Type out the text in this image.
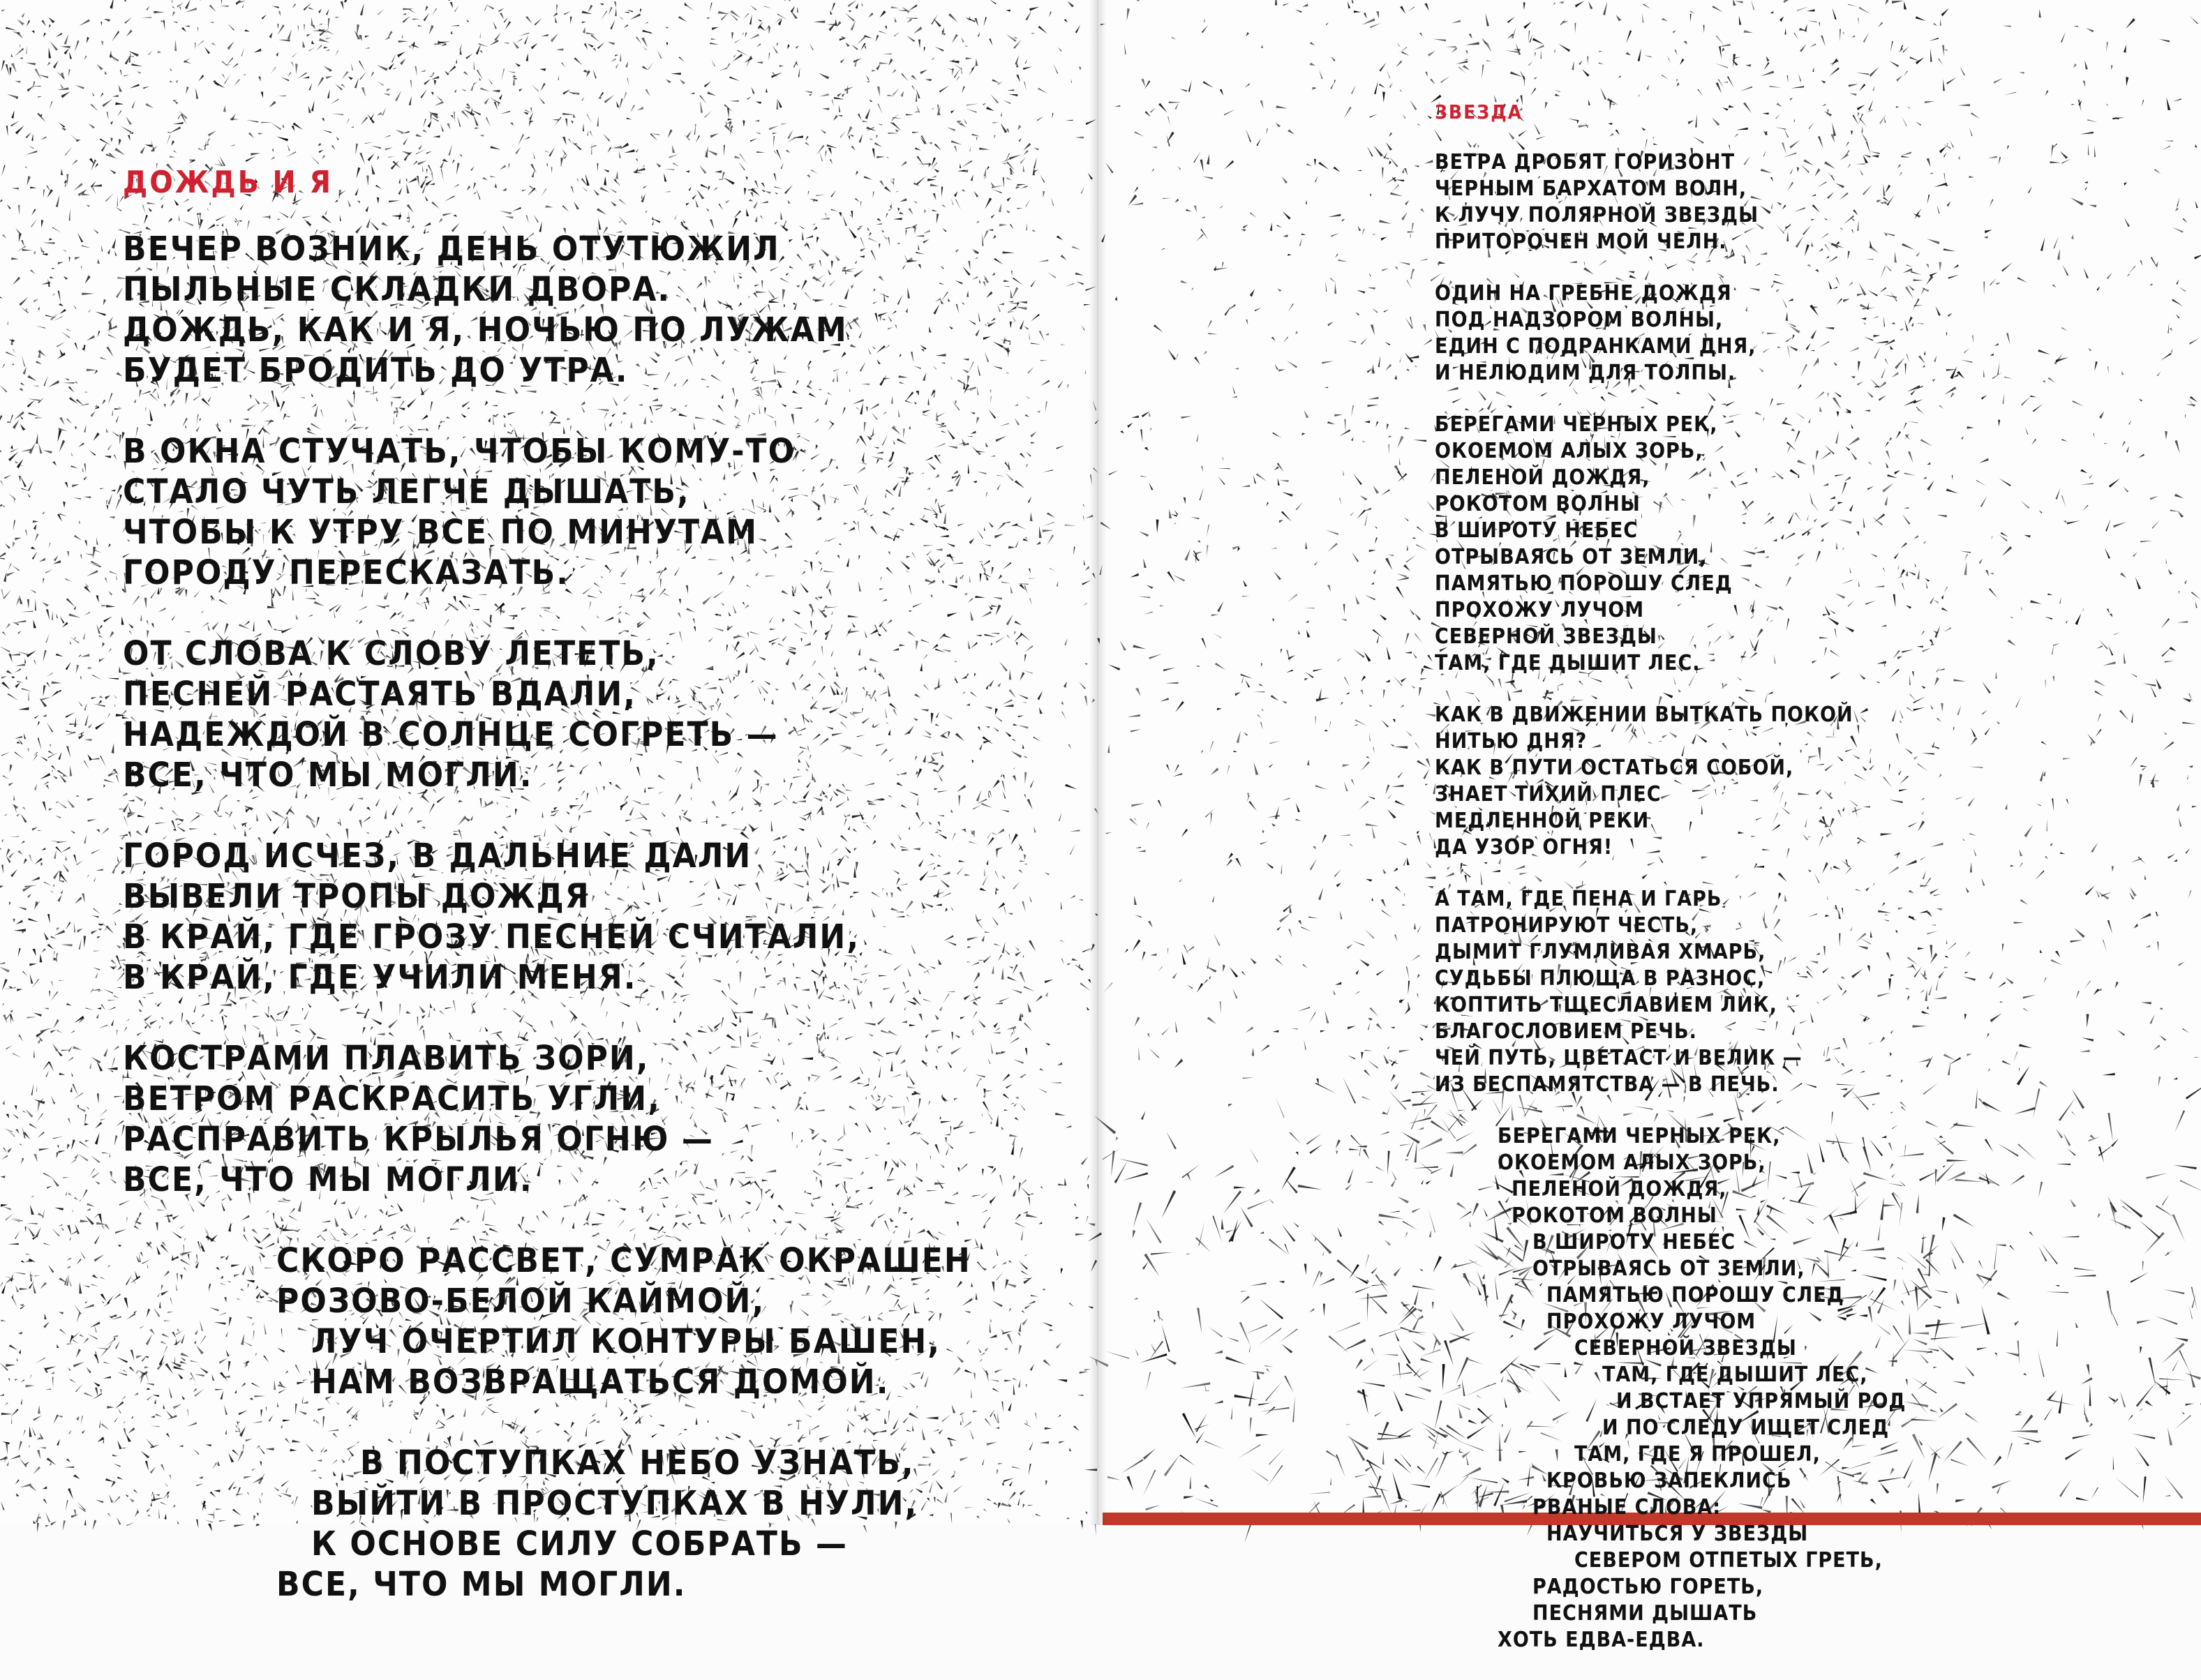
ДОЖДЬ И Я

ВЕЧЕР ВОЗНИК, ДЕНЬ ОТУТЮЖИЛ
ПЫЛЬНЫЕ СКЛАДКИ ДВОРА.
ДОЖДЬ, КАК И Я, НОЧЬЮ ПО ЛУЖАМ
БУДЕТ БРОДИТЬ ДО УТРА.
В ОКНА СТУЧАТЬ, ЧТОБЫ КОМУ-ТО
СТАЛО ЧУТЬ ЛЕГЧЕ ДЫШАТЬ,
ЧТОБЫ К УТРУ ВСЕ ПО МИНУТАМ
ГОРОДУ ПЕРЕСКАЗАТЬ.
ОТ СЛОВА К СЛОВУ ЛЕТЕТЬ,
ПЕСНЕЙ РАСТАЯТЬ ВДАЛИ,
НАДЕЖДОЙ В СОЛНЦЕ СОГРЕТЬ —
ВСЕ, ЧТО МЫ МОГЛИ.
ГОРОД ИСЧЕЗ, В ДАЛЬНИЕ ДАЛИ
ВЫВЕЛИ ТРОПЫ ДОЖДЯ
В КРАЙ, ГДЕ ГРОЗУ ПЕСНЕЙ СЧИТАЛИ,
В КРАЙ, ГДЕ УЧИЛИ МЕНЯ.
КОСТРАМИ ПЛАВИТЬ ЗОРИ,
ВЕТРОМ РАСКРАСИТЬ УГЛИ,
РАСПРАВИТЬ КРЫЛЬЯ ОГНЮ —
ВСЕ, ЧТО МЫ МОГЛИ.
СКОРО РАССВЕТ, СУМРАК ОКРАШЕН
РОЗОВО-БЕЛОЙ КАЙМОЙ,
ЛУЧ ОЧЕРТИЛ КОНТУРЫ БАШЕН,
НАМ ВОЗВРАЩАТЬСЯ ДОМОЙ.
В ПОСТУПКАХ НЕБО УЗНАТЬ,
ВЫЙТИ В ПРОСТУПКАХ В НУЛИ,
К ОСНОВЕ СИЛУ СОБРАТЬ —
ВСЕ, ЧТО МЫ МОГЛИ.

ЗВЕЗДА

ВЕТРА ДРОБЯТ ГОРИЗОНТ
ЧЕРНЫМ БАРХАТОМ ВОЛН,
К ЛУЧУ ПОЛЯРНОЙ ЗВЕЗДЫ
ПРИТОРОЧЕН МОЙ ЧЕЛН.
ОДИН НА ГРЕБНЕ ДОЖДЯ
ПОД НАДЗОРОМ ВОЛНЫ,
ЕДИН С ПОДРАНКАМИ ДНЯ,
И НЕЛЮДИМ ДЛЯ ТОЛПЫ.
БЕРЕГАМИ ЧЕРНЫХ РЕК,
ОКОЕМОМ АЛЫХ ЗОРЬ,
ПЕЛЕНОЙ ДОЖДЯ,
РОКОТОМ ВОЛНЫ
В ШИРОТУ НЕБЕС
ОТРЫВАЯСЬ ОТ ЗЕМЛИ,
ПАМЯТЬЮ ПОРОШУ СЛЕД
ПРОХОЖУ ЛУЧОМ
СЕВЕРНОЙ ЗВЕЗДЫ
ТАМ, ГДЕ ДЫШИТ ЛЕС.
КАК В ДВИЖЕНИИ ВЫТКАТЬ ПОКОЙ
НИТЬЮ ДНЯ?
КАК В ПУТИ ОСТАТЬСЯ СОБОЙ,
ЗНАЕТ ТИХИЙ ПЛЕС
МЕДЛЕННОЙ РЕКИ
ДА УЗОР ОГНЯ!
А ТАМ, ГДЕ ПЕНА И ГАРЬ
ПАТРОНИРУЮТ ЧЕСТЬ,
ДЫМИТ ГЛУМЛИВАЯ ХМАРЬ,
СУДЬБЫ ПЛЮЩА В РАЗНОС,
КОПТИТЬ ТЩЕСЛАВИЕМ ЛИК,
БЛАГОСЛОВИЕМ РЕЧЬ.
ЧЕЙ ПУТЬ, ЦВЕТАСТ И ВЕЛИК —
ИЗ БЕСПАМЯТСТВА — В ПЕЧЬ.
БЕРЕГАМИ ЧЕРНЫХ РЕК,
ОКОЕМОМ АЛЫХ ЗОРЬ,
ПЕЛЕНОЙ ДОЖДЯ,
РОКОТОМ ВОЛНЫ
В ШИРОТУ НЕБЕС
ОТРЫВАЯСЬ ОТ ЗЕМЛИ,
ПАМЯТЬЮ ПОРОШУ СЛЕД
ПРОХОЖУ ЛУЧОМ
СЕВЕРНОЙ ЗВЕЗДЫ
ТАМ, ГДЕ ДЫШИТ ЛЕС,
И ВСТАЕТ УПРЯМЫЙ РОД
И ПО СЛЕДУ ИЩЕТ СЛЕД
ТАМ, ГДЕ Я ПРОШЕЛ,
КРОВЬЮ ЗАПЕКЛИСЬ
РВАНЫЕ СЛОВА:
НАУЧИТЬСЯ У ЗВЕЗДЫ
СЕВЕРОМ ОТПЕТЫХ ГРЕТЬ,
РАДОСТЬЮ ГОРЕТЬ,
ПЕСНЯМИ ДЫШАТЬ
ХОТЬ ЕДВА-ЕДВА.
